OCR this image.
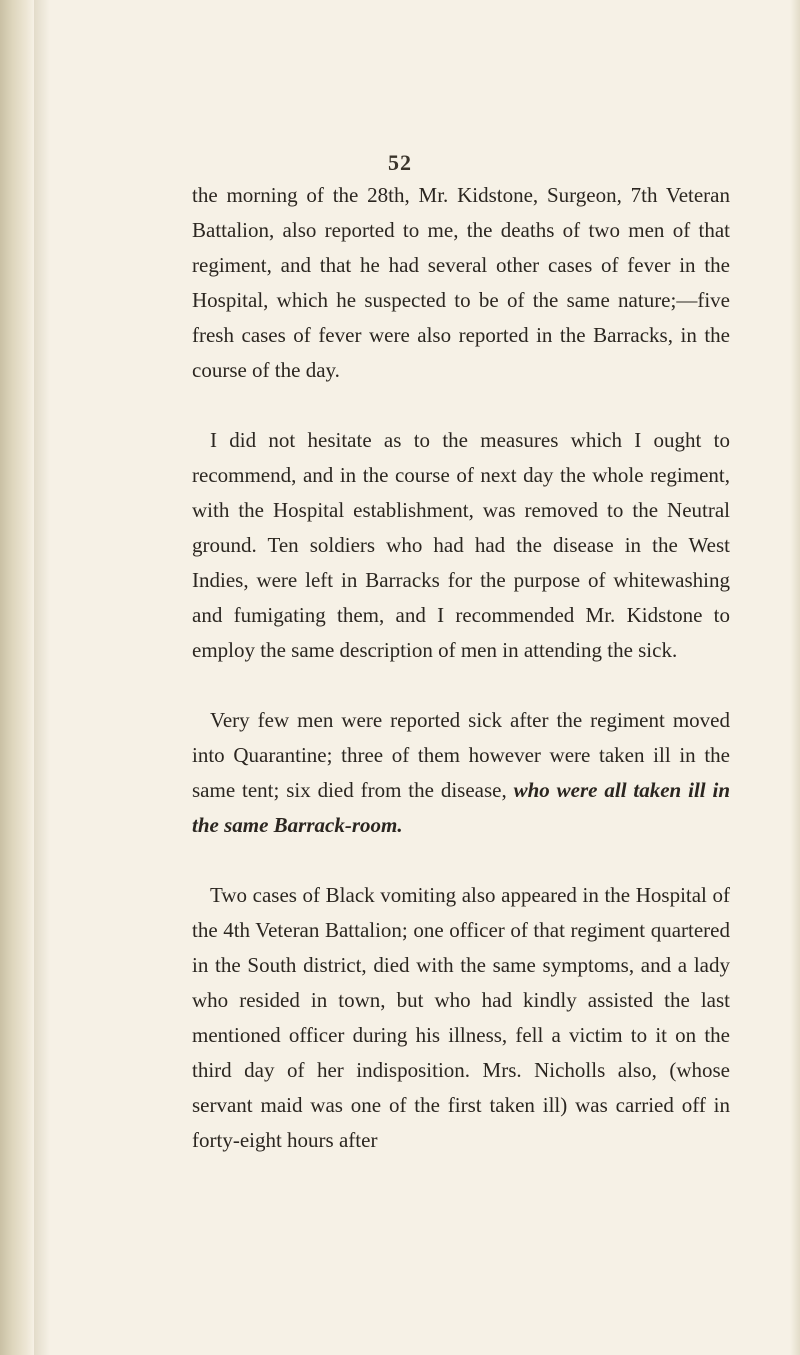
52

the morning of the 28th, Mr. Kidstone, Surgeon, 7th Veteran Battalion, also reported to me, the deaths of two men of that regiment, and that he had several other cases of fever in the Hospital, which he suspected to be of the same nature;—five fresh cases of fever were also reported in the Barracks, in the course of the day.

I did not hesitate as to the measures which I ought to recommend, and in the course of next day the whole regiment, with the Hospital establishment, was removed to the Neutral ground. Ten soldiers who had had the disease in the West Indies, were left in Barracks for the purpose of whitewashing and fumigating them, and I recommended Mr. Kidstone to employ the same description of men in attending the sick.

Very few men were reported sick after the regiment moved into Quarantine; three of them however were taken ill in the same tent; six died from the disease, who were all taken ill in the same Barrack-room.

Two cases of Black vomiting also appeared in the Hospital of the 4th Veteran Battalion; one officer of that regiment quartered in the South district, died with the same symptoms, and a lady who resided in town, but who had kindly assisted the last mentioned officer during his illness, fell a victim to it on the third day of her indisposition. Mrs. Nicholls also, (whose servant maid was one of the first taken ill) was carried off in forty-eight hours after
